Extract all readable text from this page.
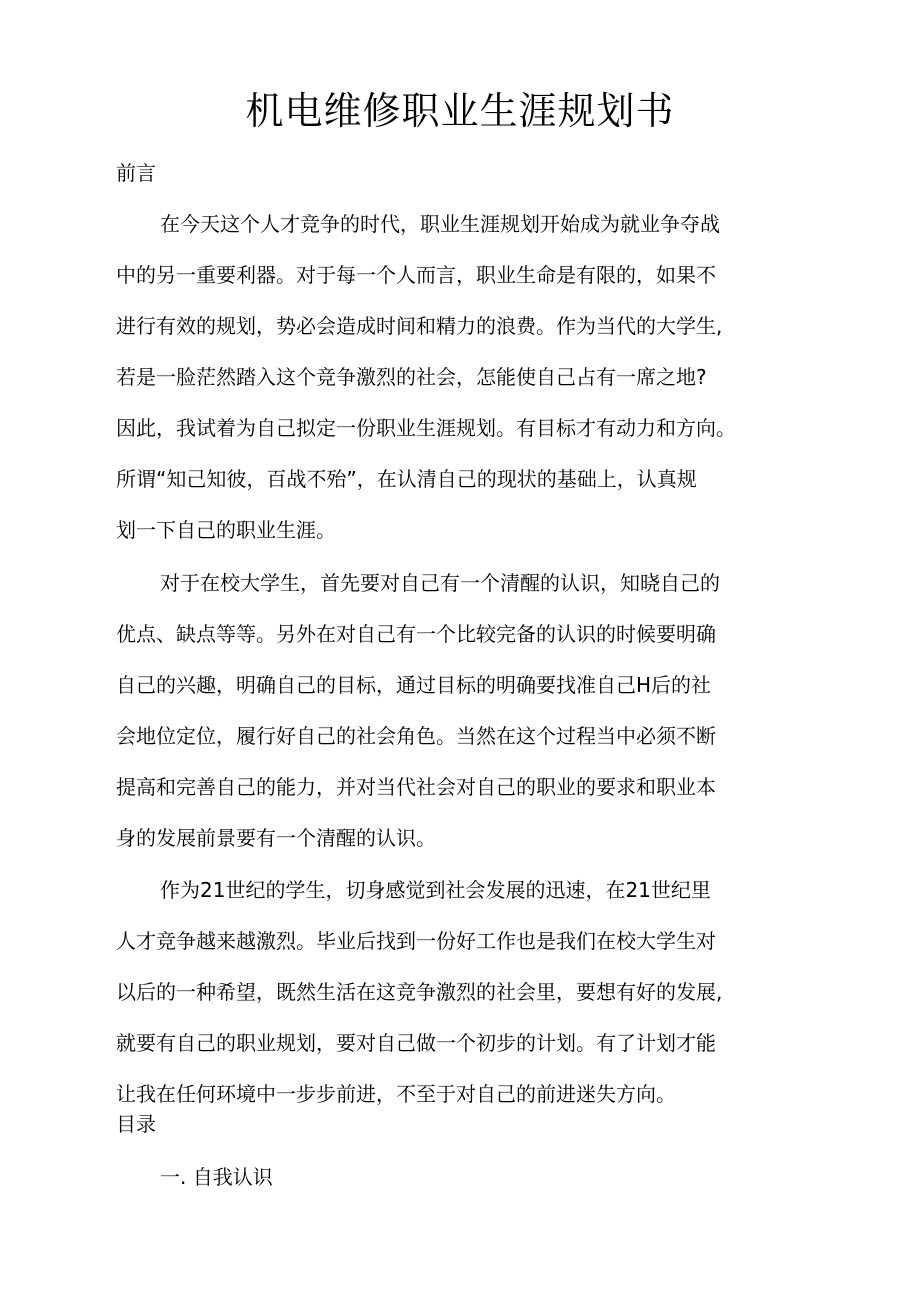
机电维修职业生涯规划书

前言

在今天这个人才竞争的时代，职业生涯规划开始成为就业争夺战

中的另一重要利器。对于每一个人而言，职业生命是有限的，如果不

进行有效的规划，势必会造成时间和精力的浪费。作为当代的大学生,

若是一脸茫然踏入这个竞争激烈的社会，怎能使自己占有一席之地?

因此，我试着为自己拟定一份职业生涯规划。有目标才有动力和方向。

所谓“知己知彼，百战不殆”，在认清自己的现状的基础上，认真规

划一下自己的职业生涯。

对于在校大学生，首先要对自己有一个清醒的认识，知晓自己的

优点、缺点等等。另外在对自己有一个比较完备的认识的时候要明确

自己的兴趣，明确自己的目标，通过目标的明确要找准自己H后的社

会地位定位，履行好自己的社会角色。当然在这个过程当中必须不断

提高和完善自己的能力，并对当代社会对自己的职业的要求和职业本

身的发展前景要有一个清醒的认识。

作为21世纪的学生，切身感觉到社会发展的迅速，在21世纪里

人才竞争越来越激烈。毕业后找到一份好工作也是我们在校大学生对

以后的一种希望，既然生活在这竞争激烈的社会里，要想有好的发展,

就要有自己的职业规划，要对自己做一个初步的计划。有了计划才能

让我在任何环境中一步步前进，不至于对自己的前进迷失方向。

目录

一. 自我认识
